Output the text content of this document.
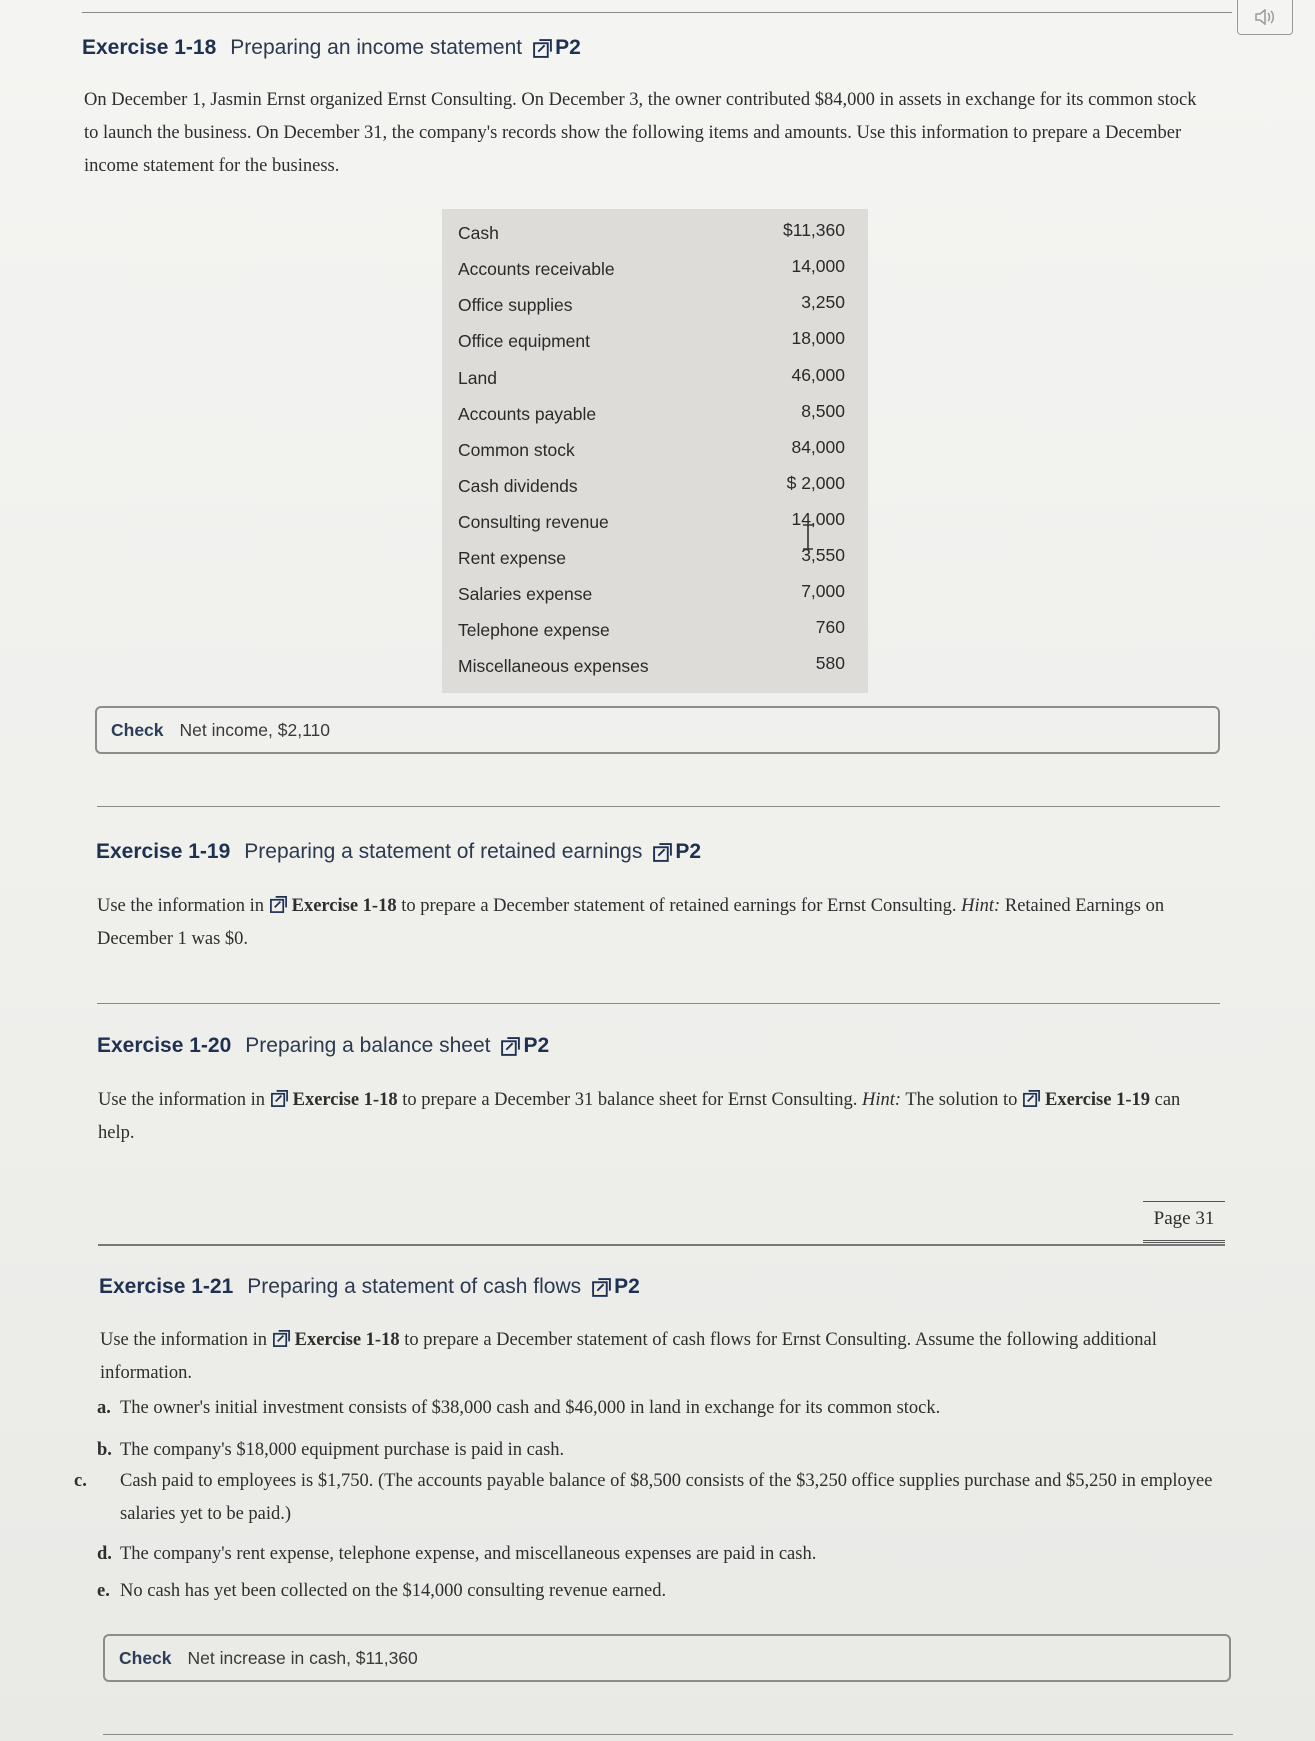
Exercise 1-18 Preparing an income statement P2
On December 1, Jasmin Ernst organized Ernst Consulting. On December 3, the owner contributed $84,000 in assets in exchange for its common stock to launch the business. On December 31, the company's records show the following items and amounts. Use this information to prepare a December income statement for the business.
Cash	$11,360
Accounts receivable	14,000
Office supplies	3,250
Office equipment	18,000
Land	46,000
Accounts payable	8,500
Common stock	84,000
Cash dividends	$ 2,000
Consulting revenue	14,000
Rent expense	3,550
Salaries expense	7,000
Telephone expense	760
Miscellaneous expenses	580
Check Net income, $2,110
Exercise 1-19 Preparing a statement of retained earnings P2
Use the information in Exercise 1-18 to prepare a December statement of retained earnings for Ernst Consulting. Hint: Retained Earnings on December 1 was $0.
Exercise 1-20 Preparing a balance sheet P2
Use the information in Exercise 1-18 to prepare a December 31 balance sheet for Ernst Consulting. Hint: The solution to Exercise 1-19 can help.
Page 31
Exercise 1-21 Preparing a statement of cash flows P2
Use the information in Exercise 1-18 to prepare a December statement of cash flows for Ernst Consulting. Assume the following additional information.
a. The owner's initial investment consists of $38,000 cash and $46,000 in land in exchange for its common stock.
b. The company's $18,000 equipment purchase is paid in cash.
c. Cash paid to employees is $1,750. (The accounts payable balance of $8,500 consists of the $3,250 office supplies purchase and $5,250 in employee salaries yet to be paid.)
d. The company's rent expense, telephone expense, and miscellaneous expenses are paid in cash.
e. No cash has yet been collected on the $14,000 consulting revenue earned.
Check Net increase in cash, $11,360
